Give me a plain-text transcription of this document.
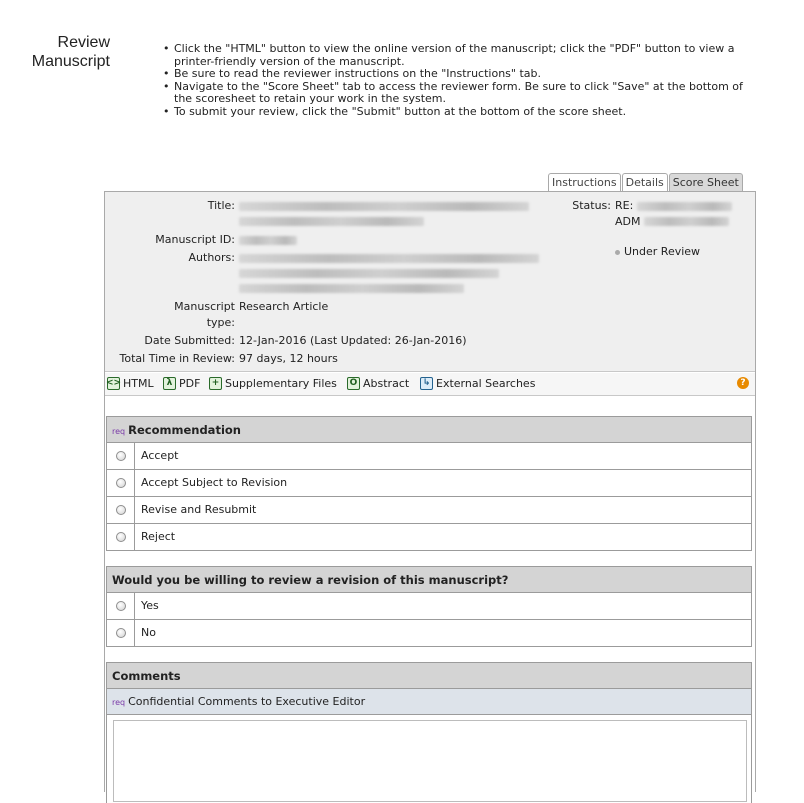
Review
Manuscript
• Click the "HTML" button to view the online version of the manuscript; click the "PDF" button to view a printer-friendly version of the manuscript.
• Be sure to read the reviewer instructions on the "Instructions" tab.
• Navigate to the "Score Sheet" tab to access the reviewer form. Be sure to click "Save" at the bottom of the scoresheet to retain your work in the system.
• To submit your review, click the "Submit" button at the bottom of the score sheet.
Instructions Details Score Sheet
Title:	Status: RE:
ADM
Under Review
Manuscript ID:
Authors:

Manuscript
type:
Research Article
Date Submitted: 12-Jan-2016 (Last Updated: 26-Jan-2016)
Total Time in Review: 97 days, 12 hours
<> HTML	λ PDF	+ Supplementary Files O Abstract	↳ External Searches	?
req Recommendation
Accept
Accept Subject to Revision
Revise and Resubmit
Reject
Would you be willing to review a revision of this manuscript?
Yes
No
Comments
req Confidential Comments to Executive Editor
